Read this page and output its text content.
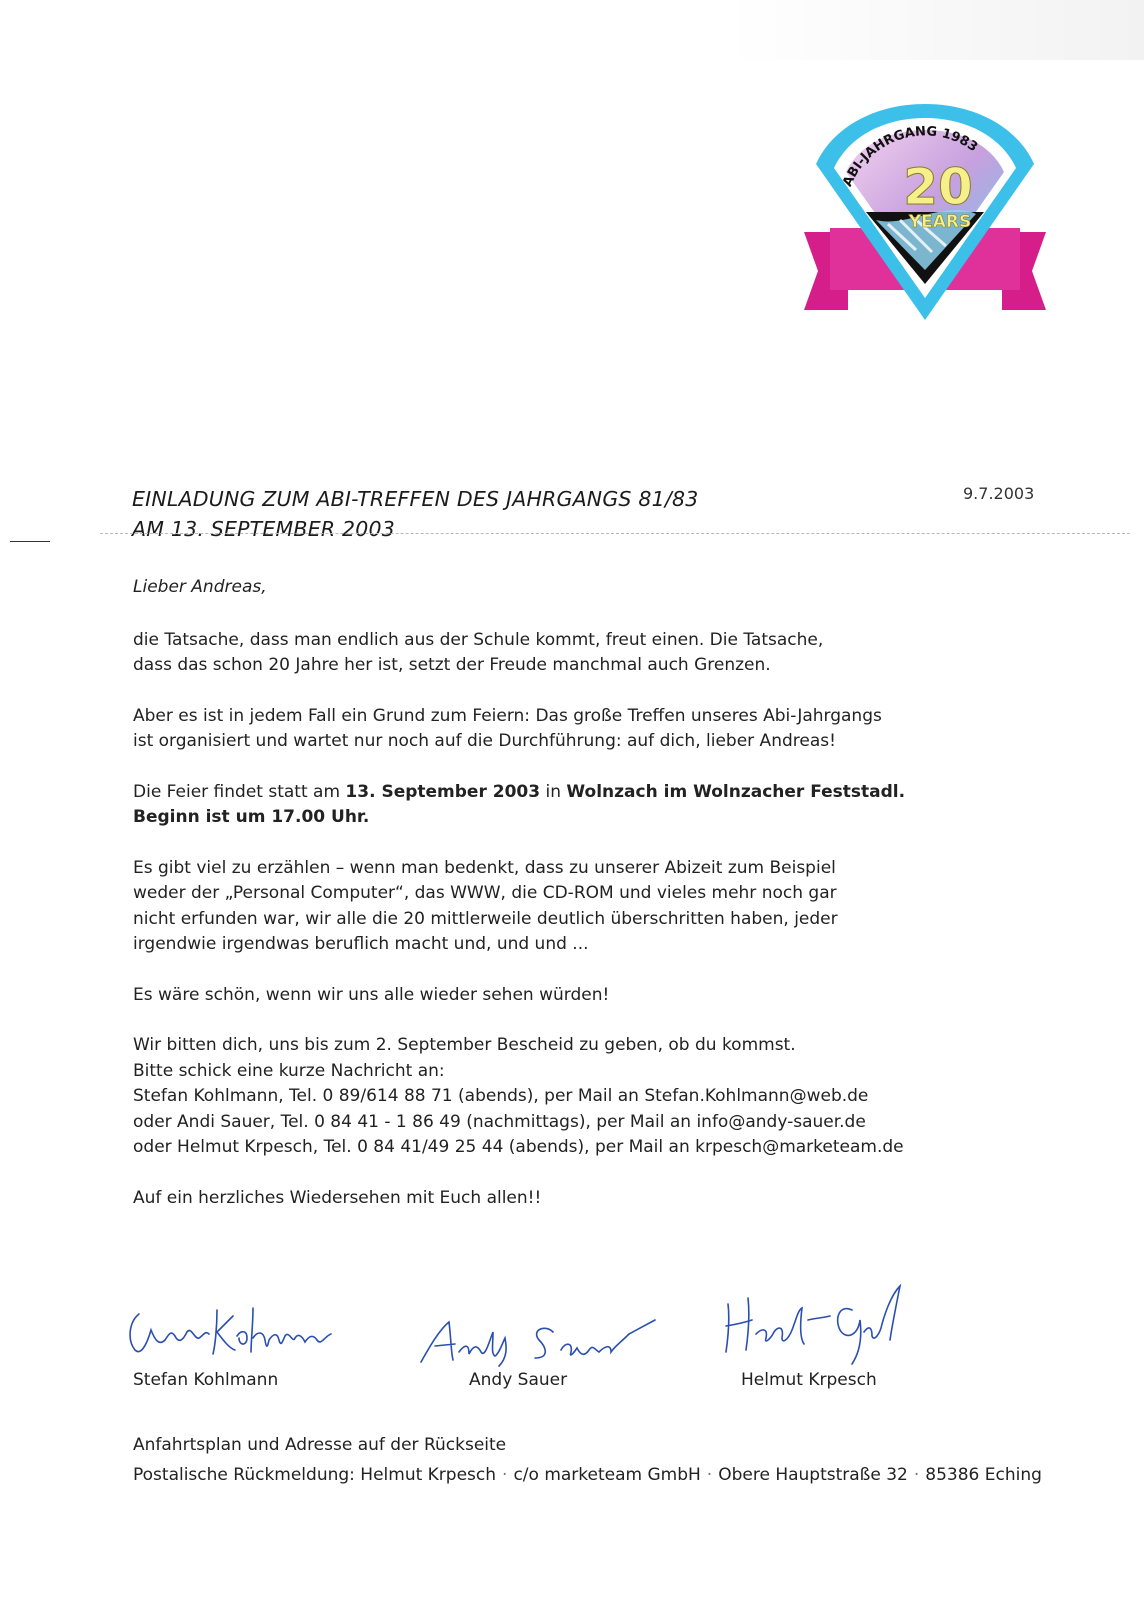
ABI-JAHRGANG 1983
20
YEARS
EINLADUNG ZUM ABI-TREFFEN DES JAHRGANGS 81/83
AM 13. SEPTEMBER 2003
9.7.2003

Lieber Andreas,

die Tatsache, dass man endlich aus der Schule kommt, freut einen. Die Tatsache,
dass das schon 20 Jahre her ist, setzt der Freude manchmal auch Grenzen.

Aber es ist in jedem Fall ein Grund zum Feiern: Das große Treffen unseres Abi-Jahrgangs
ist organisiert und wartet nur noch auf die Durchführung: auf dich, lieber Andreas!

Die Feier findet statt am 13. September 2003 in Wolnzach im Wolnzacher Feststadl.
Beginn ist um 17.00 Uhr.

Es gibt viel zu erzählen – wenn man bedenkt, dass zu unserer Abizeit zum Beispiel
weder der „Personal Computer“, das WWW, die CD-ROM und vieles mehr noch gar
nicht erfunden war, wir alle die 20 mittlerweile deutlich überschritten haben, jeder
irgendwie irgendwas beruflich macht und, und und ...

Es wäre schön, wenn wir uns alle wieder sehen würden!

Wir bitten dich, uns bis zum 2. September Bescheid zu geben, ob du kommst.
Bitte schick eine kurze Nachricht an:
Stefan Kohlmann, Tel. 0 89/614 88 71 (abends), per Mail an Stefan.Kohlmann@web.de
oder Andi Sauer, Tel. 0 84 41 - 1 86 49 (nachmittags), per Mail an info@andy-sauer.de
oder Helmut Krpesch, Tel. 0 84 41/49 25 44 (abends), per Mail an krpesch@marketeam.de

Auf ein herzliches Wiedersehen mit Euch allen!!

Stefan Kohlmann	Andy Sauer	Helmut Krpesch
Anfahrtsplan und Adresse auf der Rückseite
Postalische Rückmeldung: Helmut Krpesch · c/o marketeam GmbH · Obere Hauptstraße 32 · 85386 Eching
